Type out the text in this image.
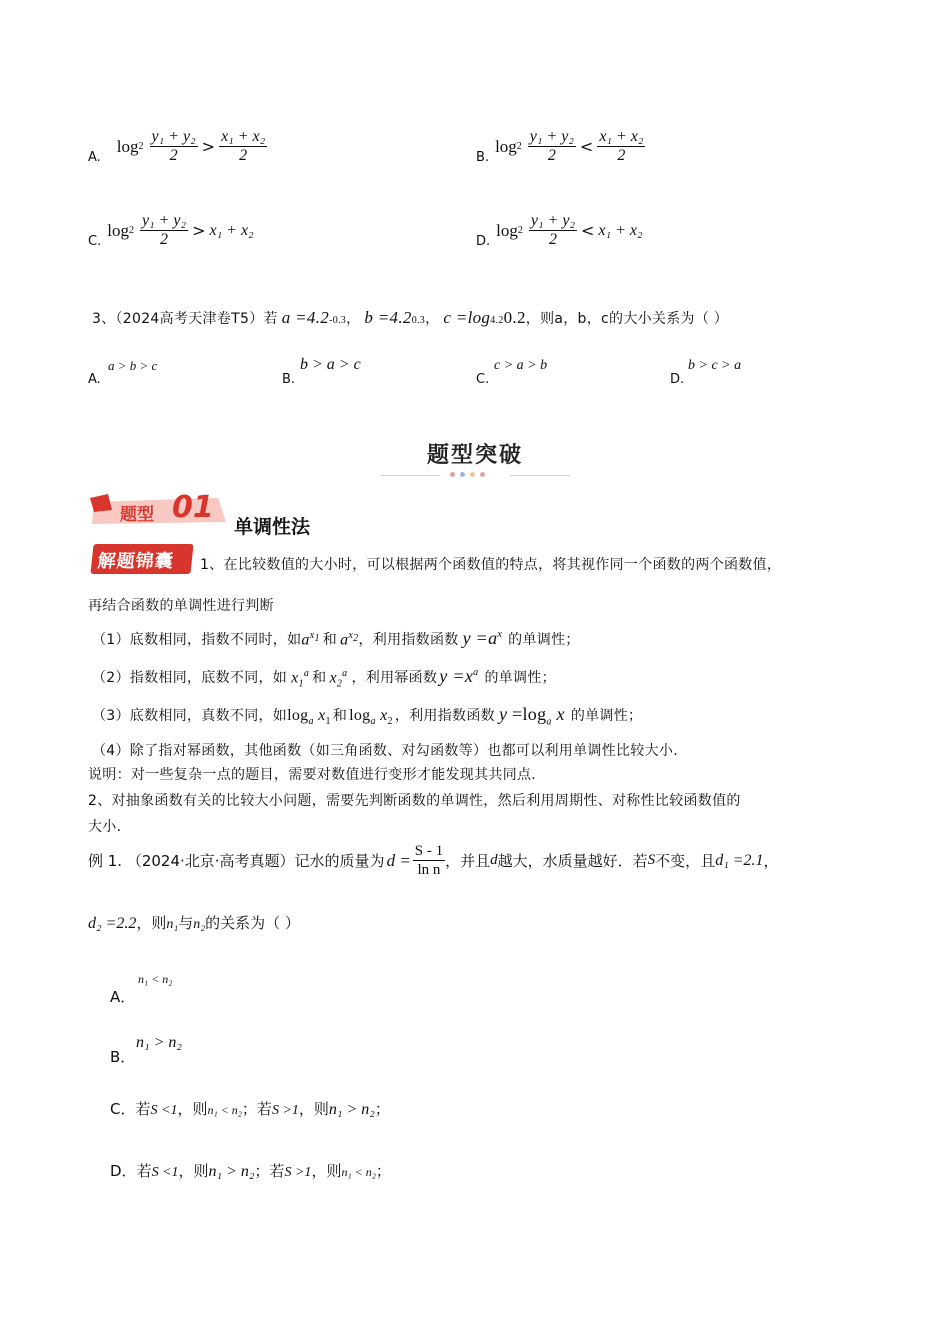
A.
$\log 2 \frac{\text{y₁ + y₂}}{2} > \frac{\text{x₁ + x₂}}{2}$	B.
$\log 2 \frac{\text{y₁ + y₂}}{2} < \frac{\text{x₁ + x₂}}{2}$
C.
$\log 2 \frac{\text{y₁ + y₂}}{2} > x_1 + x_2$
D.
$\log 2 \frac{\text{y₁ + y₂}}{2} < x_1 + x_2$
3、（2024高考天津卷T5）若 a =4.2 -0.3 ， b =4.2 0.3 ， c =log 4.2 0.2 ，则a，b，c的大小关系为（ ）
A.
a > b > c
B.
b > a > c
C.
c > a > b
D.
b > c > a
题型突破
题型 01
单调性法
解题锦囊 1、在比较数值的大小时，可以根据两个函数值的特点，将其视作同一个函数的两个函数值，
再结合函数的单调性进行判断
（1）底数相同，指数不同时，如 $a^{x_1}$ 和 $a^{x_2}$ ，利用指数函数 $y =a^x$ 的单调性；
（2）指数相同，底数不同，如 $x_1^a$ 和 $x_2^a$ ，利用幂函数 $y =x^a$ 的单调性；
（3）底数相同，真数不同，如 $\log_a x_1$ 和 $\log_a x_2$ ，利用指数函数 $y =\log_a$ x 的单调性；
（4）除了指对幂函数，其他函数（如三角函数、对勾函数等）也都可以利用单调性比较大小.
说明：对一些复杂一点的题目，需要对数值进行变形才能发现其共同点.
2、对抽象函数有关的比较大小问题，需要先判断函数的单调性，然后利用周期性、对称性比较函数值的
大小.
例 1. （2024·北京·高考真题）记水的质量为 $d = \frac{S - 1}{\text{ln n}}$ ，并且 d 越大，水质量越好．若 S 不变，且 d₁ =2.1 ，
d₂ =2.2 ，则 n₁ 与 n₂ 的关系为（ ）
A．
n₁ < n₂
B．
n₁ > n₂
C． 若 S <1 ，则 n₁ < n₂ ；若 S >1 ，则 n₁ > n₂ ；
D． 若 S <1 ，则 n₁ > n₂ ；若 S >1 ，则 n₁ < n₂ ；
